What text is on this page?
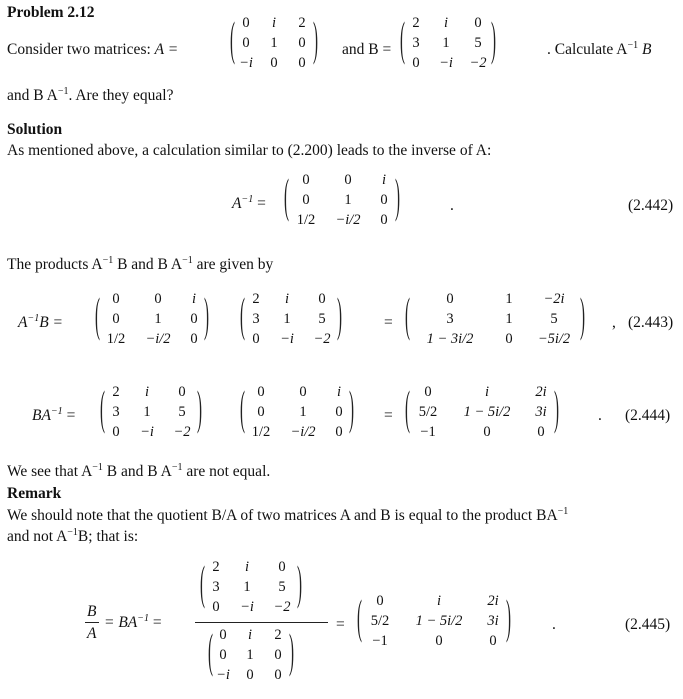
Problem 2.12
Consider two matrices: A =	( 0	i	2
0	1	0
−i	0	0 ) and B = ( 2	i	0
3	1	5
0	−i	−2 )	. Calculate $A^{-1}$ B
and B $A^{-1}$. Are they equal?
Solution
As mentioned above, a calculation similar to (2.200) leads to the inverse of A:
$A^{-1}$ = ( 0	0	i
0	1	0
1/2	−i/2	0 )	.	(2.442)
The products $A^{-1}$ B and B $A^{-1}$ are given by
$A^{-1}B$ = ( 0	0	i
0	1	0
1/2	−i/2	0 ) ( 2	i	0
3	1	5
0	−i	−2 )	= (	0	1	−2i
3	1	5
1 − 3i/2	0	−5i/2 ) , (2.443)
$BA^{-1}$ = ( 2	i	0
3	1	5
0	−i	−2 )	( 0	0	i
0	1	0
1/2	−i/2	0 ) = ( 0	i	2i
5/2	1 − 5i/2	3i
−1	0	0 )	. (2.444)
We see that $A^{-1}$ B and B $A^{-1}$ are not equal.
Remark
We should note that the quotient B/A of two matrices A and B is equal to the product $BA^{-1}$
and not $A^{-1}B$; that is:
B
A
= $BA^{-1}$ =
( 2	i	0
3	1	5
0	−i	−2 )
( 0	i	2
0	1	0
−i	0	0 )
= ( 0	i	2i
5/2	1 − 5i/2	3i
−1	0	0 )	.	(2.445)
